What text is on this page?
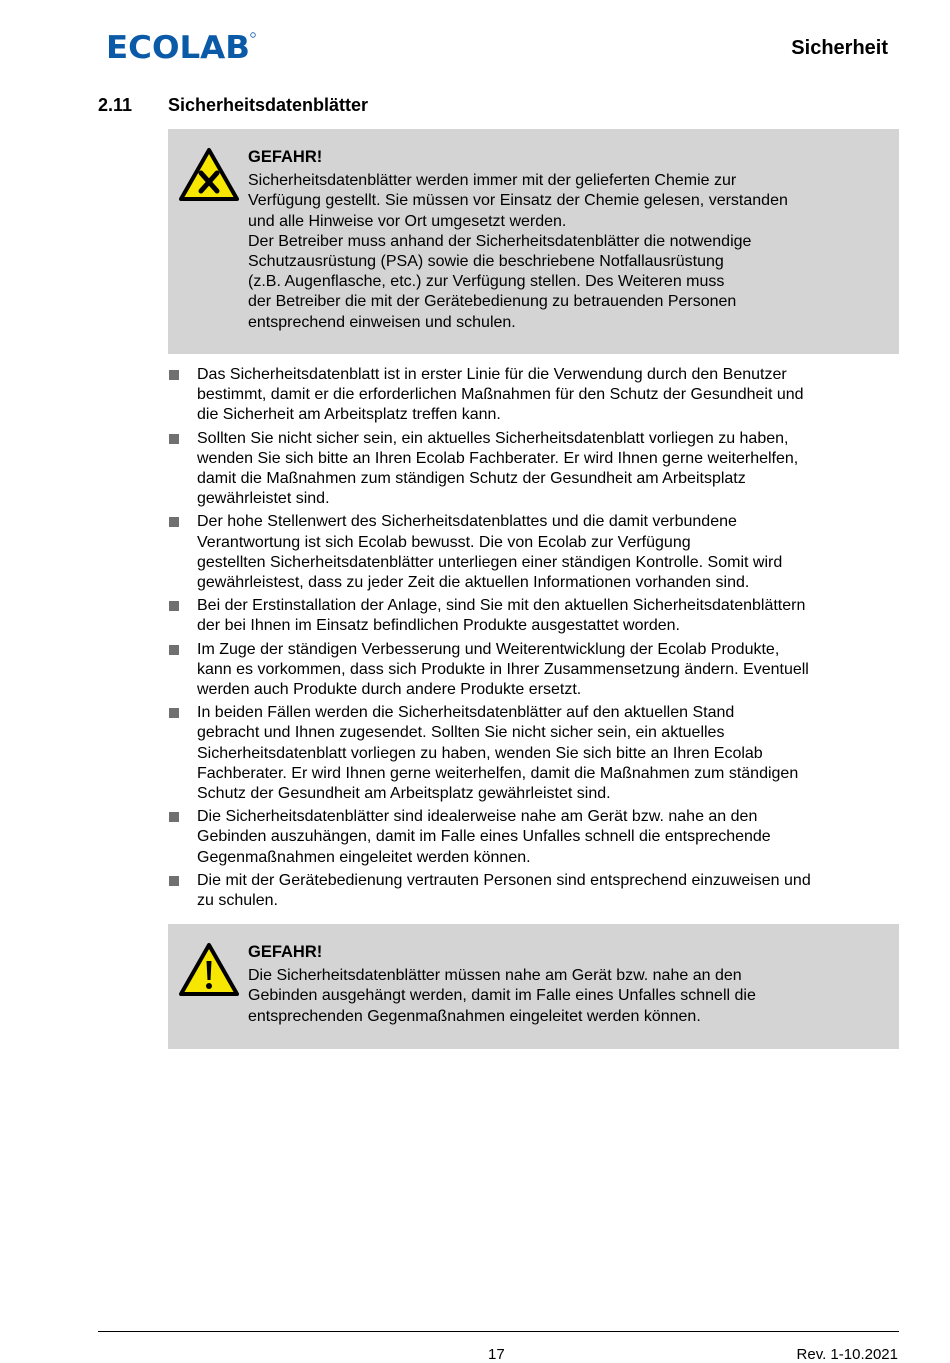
ECOLAB	Sicherheit
2.11 Sicherheitsdatenblätter
GEFAHR!
Sicherheitsdatenblätter werden immer mit der gelieferten Chemie zur
Verfügung gestellt. Sie müssen vor Einsatz der Chemie gelesen, verstanden
und alle Hinweise vor Ort umgesetzt werden.
Der Betreiber muss anhand der Sicherheitsdatenblätter die notwendige
Schutzausrüstung (PSA) sowie die beschriebene Notfallausrüstung
(z.B. Augenflasche, etc.) zur Verfügung stellen. Des Weiteren muss
der Betreiber die mit der Gerätebedienung zu betrauenden Personen
entsprechend einweisen und schulen.
Das Sicherheitsdatenblatt ist in erster Linie für die Verwendung durch den Benutzer
bestimmt, damit er die erforderlichen Maßnahmen für den Schutz der Gesundheit und
die Sicherheit am Arbeitsplatz treffen kann.
Sollten Sie nicht sicher sein, ein aktuelles Sicherheitsdatenblatt vorliegen zu haben,
wenden Sie sich bitte an Ihren Ecolab Fachberater. Er wird Ihnen gerne weiterhelfen,
damit die Maßnahmen zum ständigen Schutz der Gesundheit am Arbeitsplatz
gewährleistet sind.
Der hohe Stellenwert des Sicherheitsdatenblattes und die damit verbundene
Verantwortung ist sich Ecolab bewusst. Die von Ecolab zur Verfügung
gestellten Sicherheitsdatenblätter unterliegen einer ständigen Kontrolle. Somit wird
gewährleistest, dass zu jeder Zeit die aktuellen Informationen vorhanden sind.
Bei der Erstinstallation der Anlage, sind Sie mit den aktuellen Sicherheitsdatenblättern
der bei Ihnen im Einsatz befindlichen Produkte ausgestattet worden.
Im Zuge der ständigen Verbesserung und Weiterentwicklung der Ecolab Produkte,
kann es vorkommen, dass sich Produkte in Ihrer Zusammensetzung ändern. Eventuell
werden auch Produkte durch andere Produkte ersetzt.
In beiden Fällen werden die Sicherheitsdatenblätter auf den aktuellen Stand
gebracht und Ihnen zugesendet. Sollten Sie nicht sicher sein, ein aktuelles
Sicherheitsdatenblatt vorliegen zu haben, wenden Sie sich bitte an Ihren Ecolab
Fachberater. Er wird Ihnen gerne weiterhelfen, damit die Maßnahmen zum ständigen
Schutz der Gesundheit am Arbeitsplatz gewährleistet sind.
Die Sicherheitsdatenblätter sind idealerweise nahe am Gerät bzw. nahe an den
Gebinden auszuhängen, damit im Falle eines Unfalles schnell die entsprechende
Gegenmaßnahmen eingeleitet werden können.
Die mit der Gerätebedienung vertrauten Personen sind entsprechend einzuweisen und
zu schulen.
GEFAHR!
Die Sicherheitsdatenblätter müssen nahe am Gerät bzw. nahe an den
Gebinden ausgehängt werden, damit im Falle eines Unfalles schnell die
entsprechenden Gegenmaßnahmen eingeleitet werden können.
17	Rev. 1-10.2021
